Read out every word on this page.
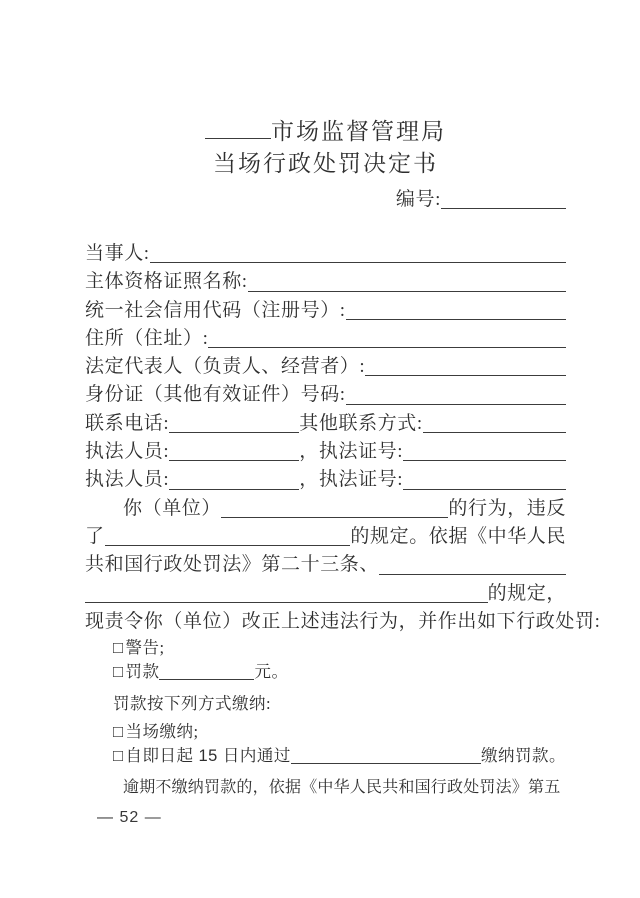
市场监督管理局
当场行政处罚决定书
编号:
当事人:
主体资格证照名称:
统一社会信用代码（注册号）:
住所（住址）:
法定代表人（负责人、经营者）:
身份证（其他有效证件）号码:
联系电话:	其他联系方式:
执法人员:	，执法证号:
执法人员:	，执法证号:
你（单位）	的行为，违反
了	的规定。依据《中华人民
共和国行政处罚法》第二十三条、
的规定，
现责令你（单位）改正上述违法行为，并作出如下行政处罚:
□ 警告;
□ 罚款	元。
罚款按下列方式缴纳:
□ 当场缴纳;
□ 自即日起 15 日内通过	缴纳罚款。
逾期不缴纳罚款的，依据《中华人民共和国行政处罚法》第五
— 52 —
